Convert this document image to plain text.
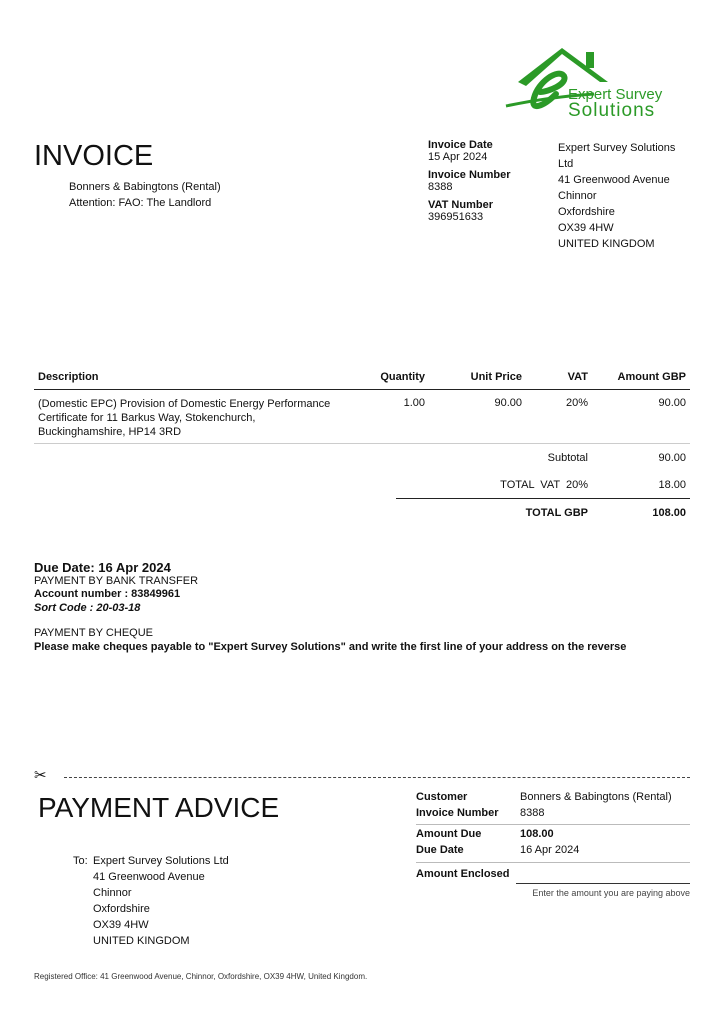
Expert Survey
Solutions
INVOICE
Bonners & Babingtons (Rental)
Attention: FAO: The Landlord
Invoice Date
15 Apr 2024
Invoice Number
8388
VAT Number
396951633
Expert Survey Solutions
Ltd
41 Greenwood Avenue
Chinnor
Oxfordshire
OX39 4HW
UNITED KINGDOM
Description	Quantity	Unit Price	VAT	Amount GBP
(Domestic EPC) Provision of Domestic Energy Performance Certificate for 11 Barkus Way, Stokenchurch, Buckinghamshire, HP14 3RD
1.00	90.00	20%	90.00
Subtotal	90.00
TOTAL  VAT  20%	18.00
TOTAL GBP	108.00
Due Date: 16 Apr 2024
PAYMENT BY BANK TRANSFER
Account number : 83849961
Sort Code : 20-03-18
PAYMENT BY CHEQUE
Please make cheques payable to "Expert Survey Solutions" and write the first line of your address on the reverse
✂
PAYMENT ADVICE
To: Expert Survey Solutions Ltd
41 Greenwood Avenue
Chinnor
Oxfordshire
OX39 4HW
UNITED KINGDOM
Customer	Bonners & Babingtons (Rental)
Invoice Number 8388
Amount Due	108.00
Due Date	16 Apr 2024
Amount Enclosed
Enter the amount you are paying above
Registered Office: 41 Greenwood Avenue, Chinnor, Oxfordshire, OX39 4HW, United Kingdom.
